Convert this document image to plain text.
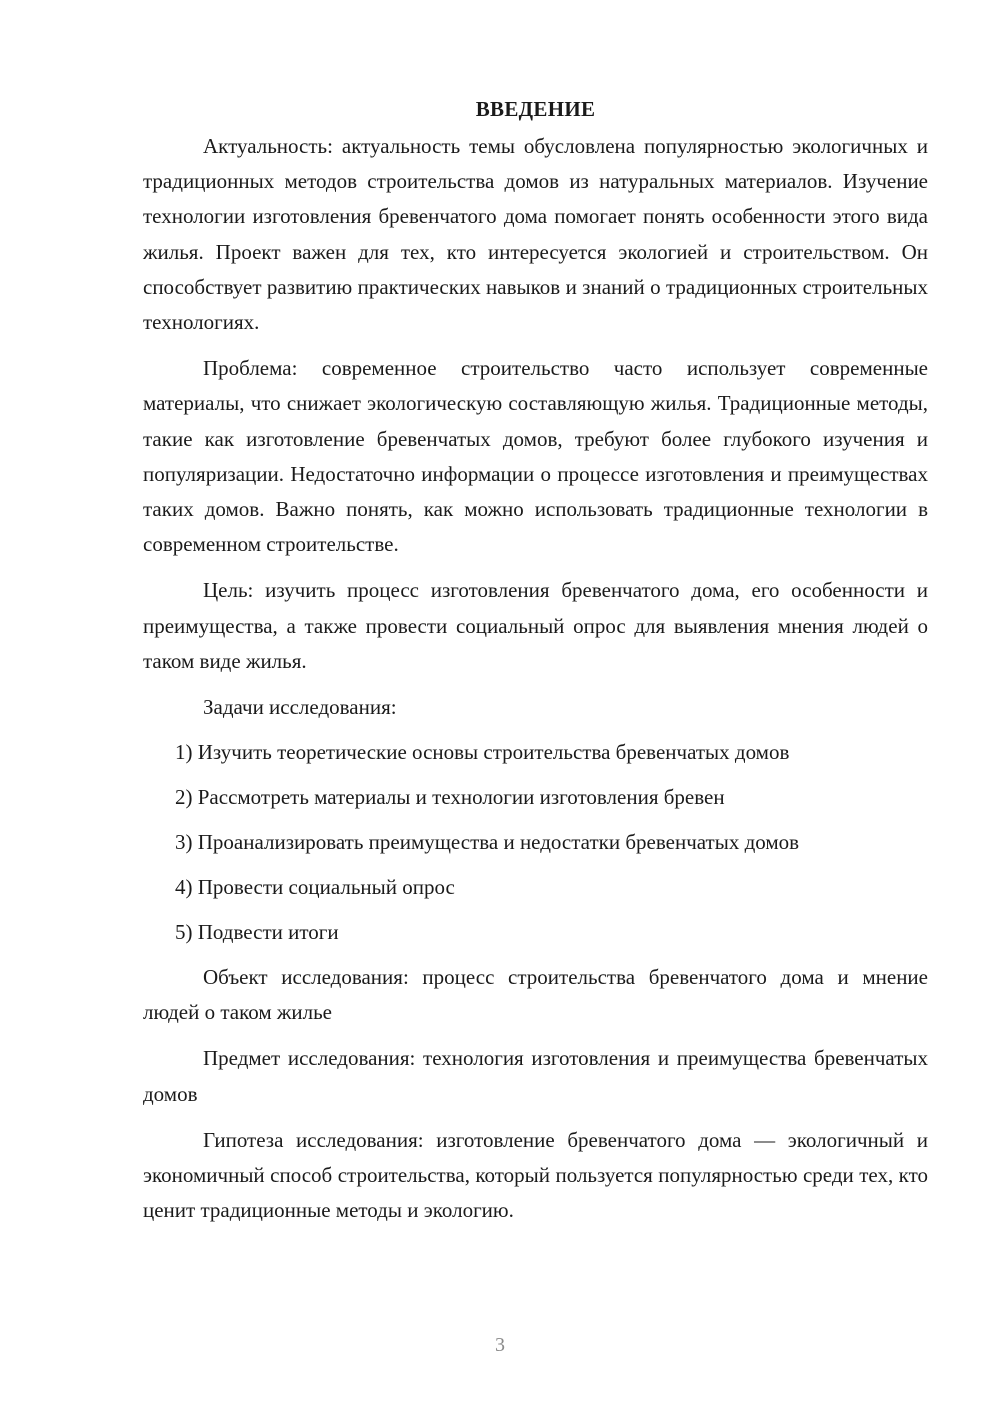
ВВЕДЕНИЕ

Актуальность: актуальность темы обусловлена популярностью экологичных и традиционных методов строительства домов из натуральных материалов. Изучение технологии изготовления бревенчатого дома помогает понять особенности этого вида жилья. Проект важен для тех, кто интересуется экологией и строительством. Он способствует развитию практических навыков и знаний о традиционных строительных технологиях.

Проблема: современное строительство часто использует современные материалы, что снижает экологическую составляющую жилья. Традиционные методы, такие как изготовление бревенчатых домов, требуют более глубокого изучения и популяризации. Недостаточно информации о процессе изготовления и преимуществах таких домов. Важно понять, как можно использовать традиционные технологии в современном строительстве.

Цель: изучить процесс изготовления бревенчатого дома, его особенности и преимущества, а также провести социальный опрос для выявления мнения людей о таком виде жилья.

Задачи исследования:

1) Изучить теоретические основы строительства бревенчатых домов
2) Рассмотреть материалы и технологии изготовления бревен
3) Проанализировать преимущества и недостатки бревенчатых домов
4) Провести социальный опрос
5) Подвести итоги

Объект исследования: процесс строительства бревенчатого дома и мнение людей о таком жилье

Предмет исследования: технология изготовления и преимущества бревенчатых домов

Гипотеза исследования: изготовление бревенчатого дома — экологичный и экономичный способ строительства, который пользуется популярностью среди тех, кто ценит традиционные методы и экологию.

3
